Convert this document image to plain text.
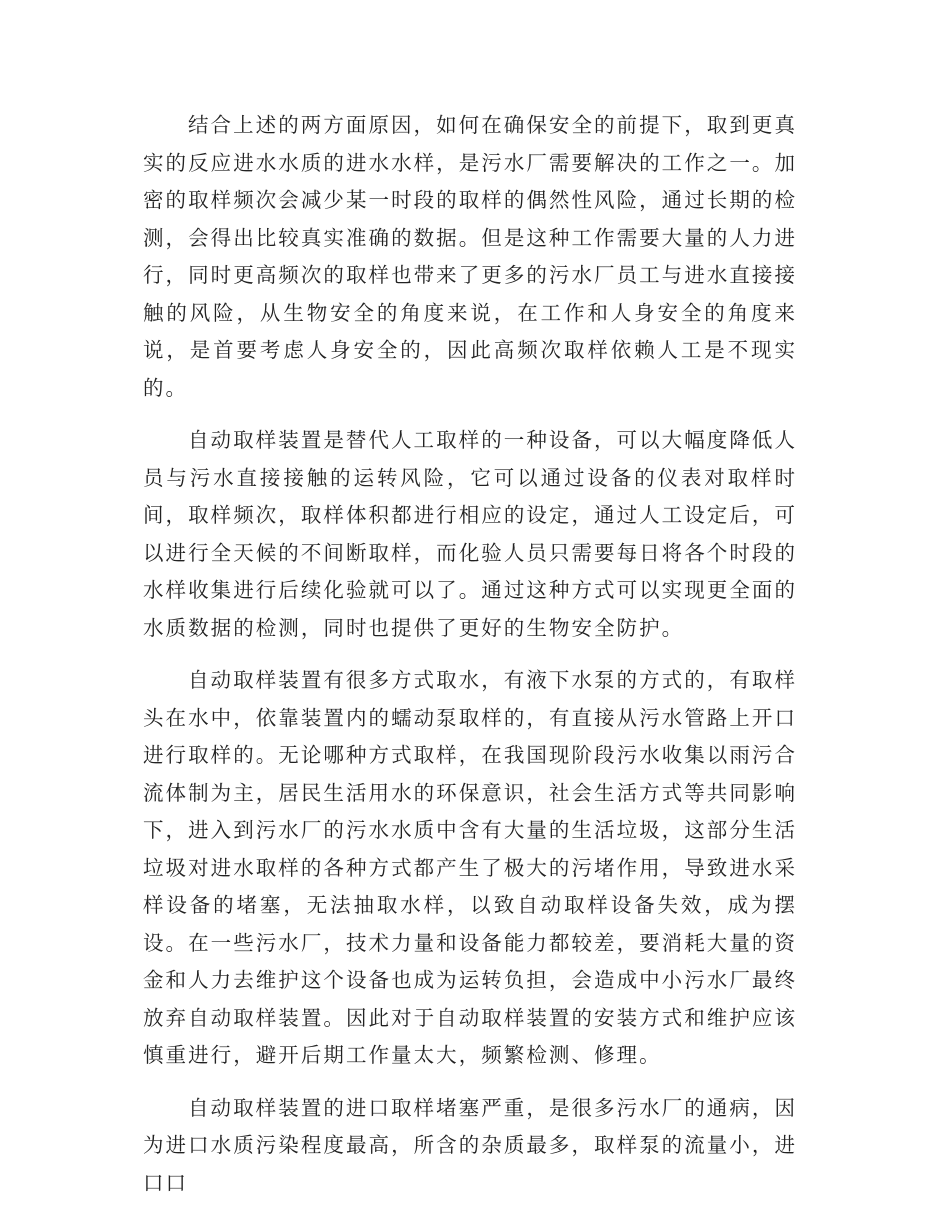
结合上述的两方面原因，如何在确保安全的前提下，取到更真实的反应进水水质的进水水样，是污水厂需要解决的工作之一。加密的取样频次会减少某一时段的取样的偶然性风险，通过长期的检测，会得出比较真实准确的数据。但是这种工作需要大量的人力进行，同时更高频次的取样也带来了更多的污水厂员工与进水直接接触的风险，从生物安全的角度来说，在工作和人身安全的角度来说，是首要考虑人身安全的，因此高频次取样依赖人工是不现实的。

自动取样装置是替代人工取样的一种设备，可以大幅度降低人员与污水直接接触的运转风险，它可以通过设备的仪表对取样时间，取样频次，取样体积都进行相应的设定，通过人工设定后，可以进行全天候的不间断取样，而化验人员只需要每日将各个时段的水样收集进行后续化验就可以了。通过这种方式可以实现更全面的水质数据的检测，同时也提供了更好的生物安全防护。

自动取样装置有很多方式取水，有液下水泵的方式的，有取样头在水中，依靠装置内的蠕动泵取样的，有直接从污水管路上开口进行取样的。无论哪种方式取样，在我国现阶段污水收集以雨污合流体制为主，居民生活用水的环保意识，社会生活方式等共同影响下，进入到污水厂的污水水质中含有大量的生活垃圾，这部分生活垃圾对进水取样的各种方式都产生了极大的污堵作用，导致进水采样设备的堵塞，无法抽取水样，以致自动取样设备失效，成为摆设。在一些污水厂，技术力量和设备能力都较差，要消耗大量的资金和人力去维护这个设备也成为运转负担，会造成中小污水厂最终放弃自动取样装置。因此对于自动取样装置的安装方式和维护应该慎重进行，避开后期工作量太大，频繁检测、修理。

自动取样装置的进口取样堵塞严重，是很多污水厂的通病，因为进口水质污染程度最高，所含的杂质最多，取样泵的流量小，进口口
